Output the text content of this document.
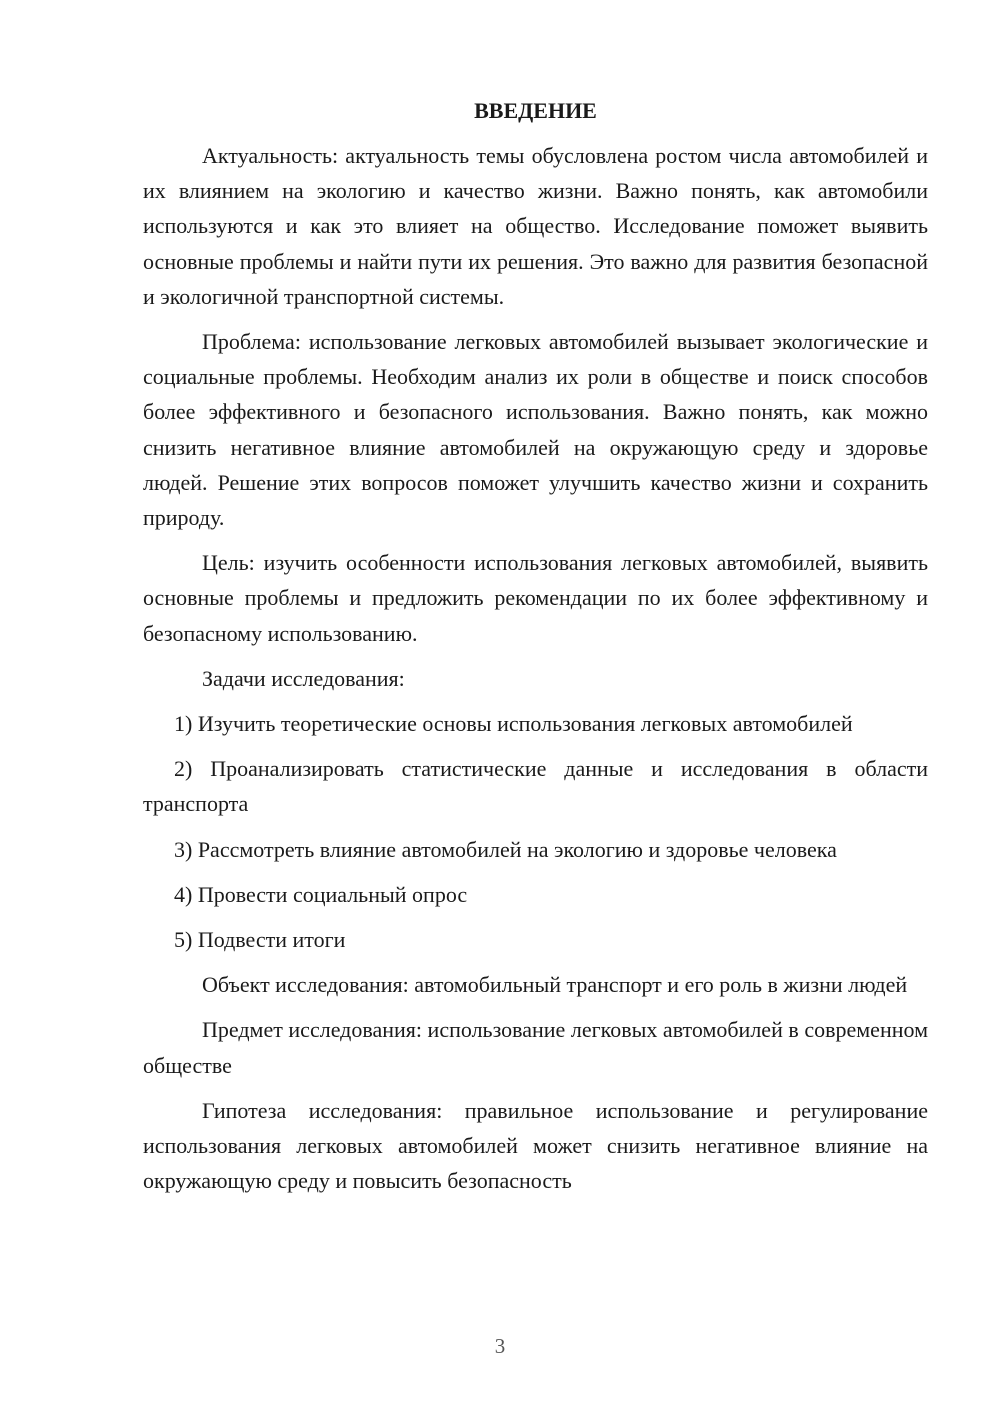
ВВЕДЕНИЕ

Актуальность: актуальность темы обусловлена ростом числа автомобилей и их влиянием на экологию и качество жизни. Важно понять, как автомобили используются и как это влияет на общество. Исследование поможет выявить основные проблемы и найти пути их решения. Это важно для развития безопасной и экологичной транспортной системы.

Проблема: использование легковых автомобилей вызывает экологические и социальные проблемы. Необходим анализ их роли в обществе и поиск способов более эффективного и безопасного использования. Важно понять, как можно снизить негативное влияние автомобилей на окружающую среду и здоровье людей. Решение этих вопросов поможет улучшить качество жизни и сохранить природу.

Цель: изучить особенности использования легковых автомобилей, выявить основные проблемы и предложить рекомендации по их более эффективному и безопасному использованию.

Задачи исследования:

1) Изучить теоретические основы использования легковых автомобилей

2) Проанализировать статистические данные и исследования в области транспорта

3) Рассмотреть влияние автомобилей на экологию и здоровье человека

4) Провести социальный опрос

5) Подвести итоги

Объект исследования: автомобильный транспорт и его роль в жизни людей

Предмет исследования: использование легковых автомобилей в современном обществе

Гипотеза исследования: правильное использование и регулирование использования легковых автомобилей может снизить негативное влияние на окружающую среду и повысить безопасность

3
